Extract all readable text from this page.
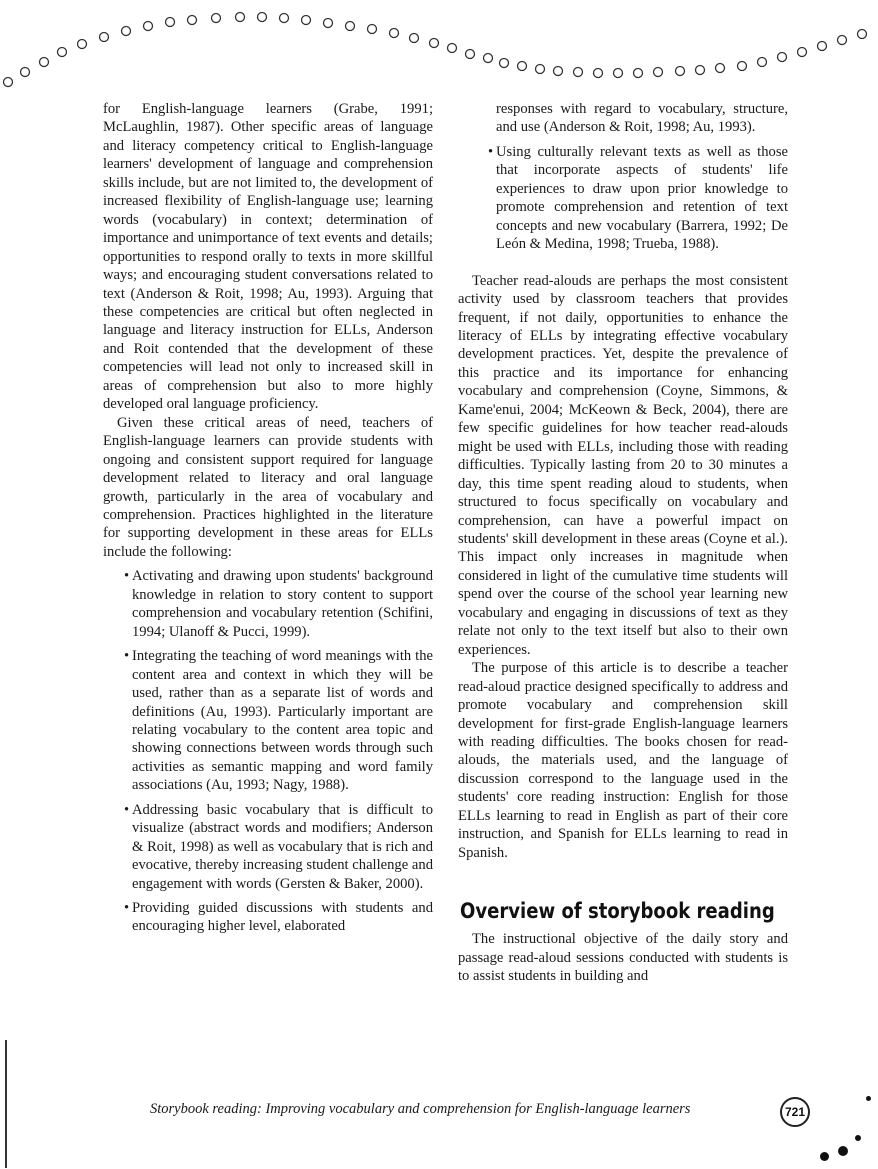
for English-language learners (Grabe, 1991; McLaughlin, 1987). Other specific areas of language and literacy competency critical to English-language learners' development of language and comprehension skills include, but are not limited to, the development of increased flexibility of English-language use; learning words (vocabulary) in context; determination of importance and unimportance of text events and details; opportunities to respond orally to texts in more skillful ways; and encouraging student conversations related to text (Anderson & Roit, 1998; Au, 1993). Arguing that these competencies are critical but often neglected in language and literacy instruction for ELLs, Anderson and Roit contended that the development of these competencies will lead not only to increased skill in areas of comprehension but also to more highly developed oral language proficiency.

Given these critical areas of need, teachers of English-language learners can provide students with ongoing and consistent support required for language development related to literacy and oral language growth, particularly in the area of vocabulary and comprehension. Practices highlighted in the literature for supporting development in these areas for ELLs include the following:

• Activating and drawing upon students' background knowledge in relation to story content to support comprehension and vocabulary retention (Schifini, 1994; Ulanoff & Pucci, 1999).
• Integrating the teaching of word meanings with the content area and context in which they will be used, rather than as a separate list of words and definitions (Au, 1993). Particularly important are relating vocabulary to the content area topic and showing connections between words through such activities as semantic mapping and word family associations (Au, 1993; Nagy, 1988).
• Addressing basic vocabulary that is difficult to visualize (abstract words and modifiers; Anderson & Roit, 1998) as well as vocabulary that is rich and evocative, thereby increasing student challenge and engagement with words (Gersten & Baker, 2000).
• Providing guided discussions with students and encouraging higher level, elaborated
responses with regard to vocabulary, structure, and use (Anderson & Roit, 1998; Au, 1993).
• Using culturally relevant texts as well as those that incorporate aspects of students' life experiences to draw upon prior knowledge to promote comprehension and retention of text concepts and new vocabulary (Barrera, 1992; De León & Medina, 1998; Trueba, 1988).

Teacher read-alouds are perhaps the most consistent activity used by classroom teachers that provides frequent, if not daily, opportunities to enhance the literacy of ELLs by integrating effective vocabulary development practices. Yet, despite the prevalence of this practice and its importance for enhancing vocabulary and comprehension (Coyne, Simmons, & Kame'enui, 2004; McKeown & Beck, 2004), there are few specific guidelines for how teacher read-alouds might be used with ELLs, including those with reading difficulties. Typically lasting from 20 to 30 minutes a day, this time spent reading aloud to students, when structured to focus specifically on vocabulary and comprehension, can have a powerful impact on students' skill development in these areas (Coyne et al.). This impact only increases in magnitude when considered in light of the cumulative time students will spend over the course of the school year learning new vocabulary and engaging in discussions of text as they relate not only to the text itself but also to their own experiences.

The purpose of this article is to describe a teacher read-aloud practice designed specifically to address and promote vocabulary and comprehension skill development for first-grade English-language learners with reading difficulties. The books chosen for read-alouds, the materials used, and the language of discussion correspond to the language used in the students' core reading instruction: English for those ELLs learning to read in English as part of their core instruction, and Spanish for ELLs learning to read in Spanish.

Overview of storybook reading

The instructional objective of the daily story and passage read-aloud sessions conducted with students is to assist students in building and

Storybook reading: Improving vocabulary and comprehension for English-language learners	721
